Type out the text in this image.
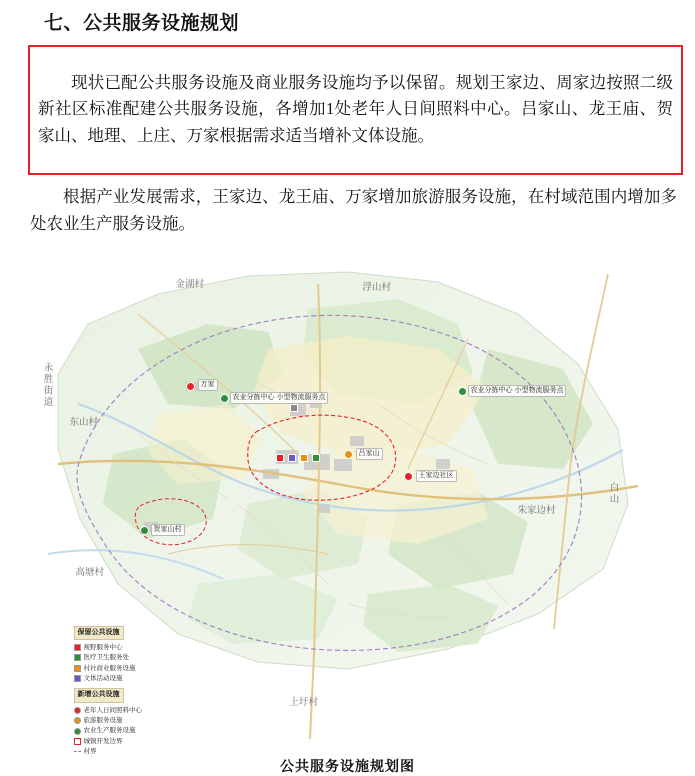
七、公共服务设施规划

现状已配公共服务设施及商业服务设施均予以保留。规划王家边、周家边按照二级新社区标准配建公共服务设施，各增加1处老年人日间照料中心。吕家山、龙王庙、贺家山、地理、上庄、万家根据需求适当增补文体设施。

根据产业发展需求，王家边、龙王庙、万家增加旅游服务设施，在村域范围内增加多处农业生产服务设施。

金湖村	浮山村
东山村
永胜街道
朱家边村
高塘村
上圩村
白山
万家
农业分拣中心 小型物流服务点
农业分拣中心 小型物流服务点
吕家山
王家边社区
贺家山村
保留公共设施
视野服务中心
医疗卫生服务处
村社商业服务设施
文体活动设施
新增公共设施
老年人日间照料中心
旅游服务设施
农业生产服务设施
城镇开发边界
村界
公共服务设施规划图
